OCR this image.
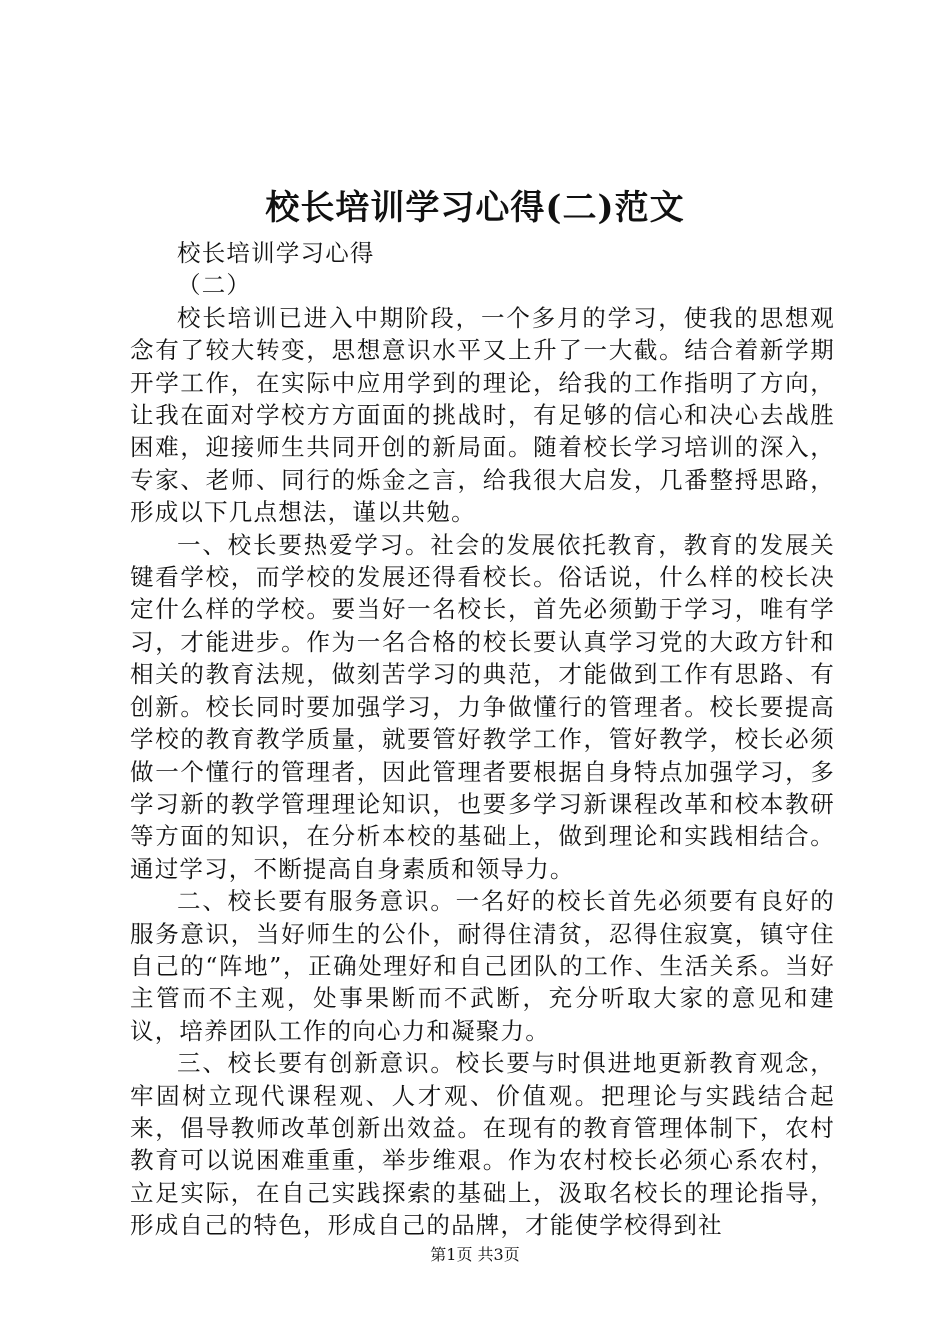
校长培训学习心得(二)范文

校长培训学习心得

（二）

校长培训已进入中期阶段，一个多月的学习，使我的思想观念有了较大转变，思想意识水平又上升了一大截。结合着新学期开学工作，在实际中应用学到的理论，给我的工作指明了方向，让我在面对学校方方面面的挑战时，有足够的信心和决心去战胜困难，迎接师生共同开创的新局面。随着校长学习培训的深入，专家、老师、同行的烁金之言，给我很大启发，几番整捋思路，形成以下几点想法，谨以共勉。

一、校长要热爱学习。社会的发展依托教育，教育的发展关键看学校，而学校的发展还得看校长。俗话说，什么样的校长决定什么样的学校。要当好一名校长，首先必须勤于学习，唯有学习，才能进步。作为一名合格的校长要认真学习党的大政方针和相关的教育法规，做刻苦学习的典范，才能做到工作有思路、有创新。校长同时要加强学习，力争做懂行的管理者。校长要提高学校的教育教学质量，就要管好教学工作，管好教学，校长必须做一个懂行的管理者，因此管理者要根据自身特点加强学习，多学习新的教学管理理论知识，也要多学习新课程改革和校本教研等方面的知识，在分析本校的基础上，做到理论和实践相结合。通过学习，不断提高自身素质和领导力。

二、校长要有服务意识。一名好的校长首先必须要有良好的服务意识，当好师生的公仆，耐得住清贫，忍得住寂寞，镇守住自己的“阵地”，正确处理好和自己团队的工作、生活关系。当好主管而不主观，处事果断而不武断，充分听取大家的意见和建议，培养团队工作的向心力和凝聚力。

三、校长要有创新意识。校长要与时俱进地更新教育观念，牢固树立现代课程观、人才观、价值观。把理论与实践结合起来，倡导教师改革创新出效益。在现有的教育管理体制下，农村教育可以说困难重重，举步维艰。作为农村校长必须心系农村，立足实际，在自己实践探索的基础上，汲取名校长的理论指导，形成自己的特色，形成自己的品牌，才能使学校得到社

第1页 共3页
